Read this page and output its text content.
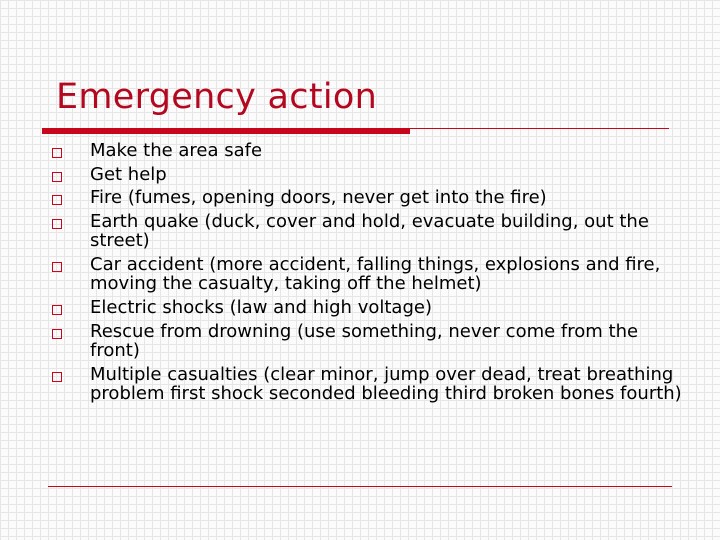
Emergency action
Make the area safe
Get help
Fire (fumes, opening doors, never get into the fire)
Earth quake (duck, cover and hold, evacuate building, out the street)
Car accident (more accident, falling things, explosions and fire, moving the casualty, taking off the helmet)
Electric shocks (law and high voltage)
Rescue from drowning (use something, never come from the front)
Multiple casualties (clear minor, jump over dead, treat breathing problem first shock seconded bleeding third broken bones fourth)
